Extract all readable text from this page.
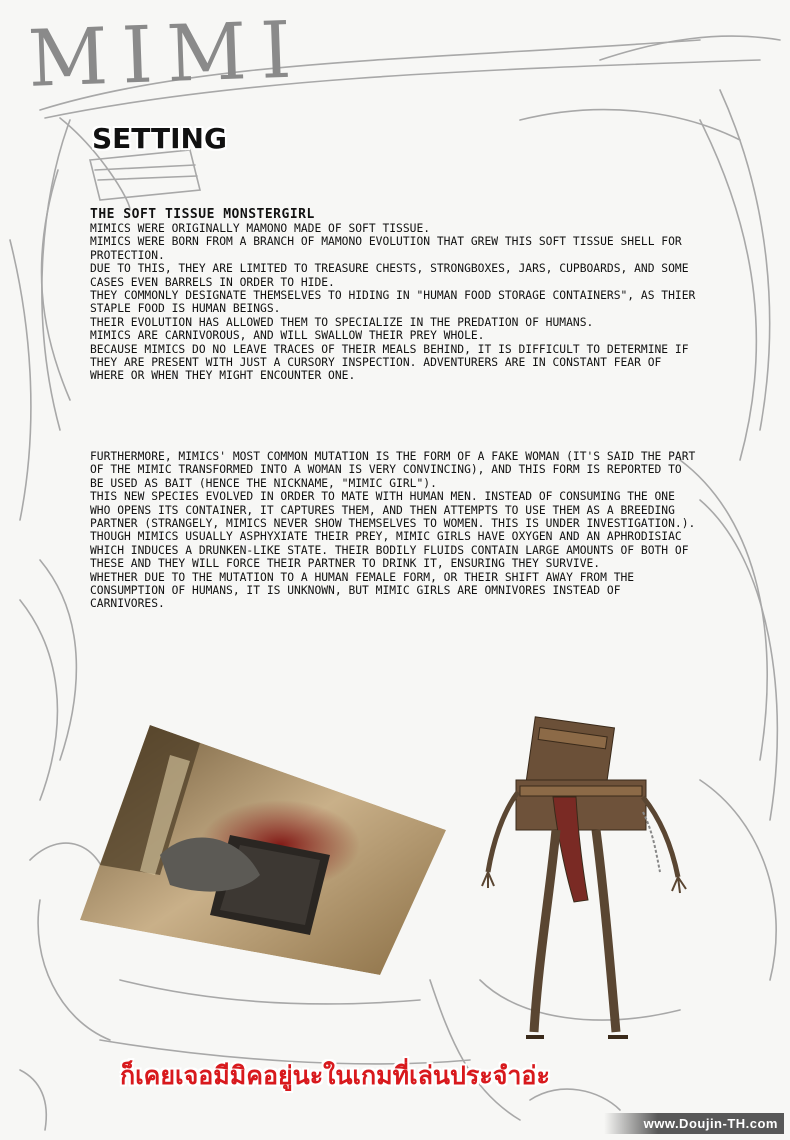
MIMI
SETTING

THE SOFT TISSUE MONSTERGIRL

MIMICS WERE ORIGINALLY MAMONO MADE OF SOFT TISSUE.

MIMICS WERE BORN FROM A BRANCH OF MAMONO EVOLUTION THAT GREW THIS SOFT TISSUE SHELL FOR PROTECTION.

DUE TO THIS, THEY ARE LIMITED TO TREASURE CHESTS, STRONGBOXES, JARS, CUPBOARDS, AND SOME CASES EVEN BARRELS IN ORDER TO HIDE.

THEY COMMONLY DESIGNATE THEMSELVES TO HIDING IN "HUMAN FOOD STORAGE CONTAINERS", AS THIER STAPLE FOOD IS HUMAN BEINGS.

THEIR EVOLUTION HAS ALLOWED THEM TO SPECIALIZE IN THE PREDATION OF HUMANS.

MIMICS ARE CARNIVOROUS, AND WILL SWALLOW THEIR PREY WHOLE.

BECAUSE MIMICS DO NO LEAVE TRACES OF THEIR MEALS BEHIND, IT IS DIFFICULT TO DETERMINE IF THEY ARE PRESENT WITH JUST A CURSORY INSPECTION. ADVENTURERS ARE IN CONSTANT FEAR OF WHERE OR WHEN THEY MIGHT ENCOUNTER ONE.

FURTHERMORE, MIMICS' MOST COMMON MUTATION IS THE FORM OF A FAKE WOMAN (IT'S SAID THE PART OF THE MIMIC TRANSFORMED INTO A WOMAN IS VERY CONVINCING), AND THIS FORM IS REPORTED TO BE USED AS BAIT (HENCE THE NICKNAME, "MIMIC GIRL").

THIS NEW SPECIES EVOLVED IN ORDER TO MATE WITH HUMAN MEN. INSTEAD OF CONSUMING THE ONE WHO OPENS ITS CONTAINER, IT CAPTURES THEM, AND THEN ATTEMPTS TO USE THEM AS A BREEDING PARTNER (STRANGELY, MIMICS NEVER SHOW THEMSELVES TO WOMEN. THIS IS UNDER INVESTIGATION.).

THOUGH MIMICS USUALLY ASPHYXIATE THEIR PREY, MIMIC GIRLS HAVE OXYGEN AND AN APHRODISIAC WHICH INDUCES A DRUNKEN-LIKE STATE. THEIR BODILY FLUIDS CONTAIN LARGE AMOUNTS OF BOTH OF THESE AND THEY WILL FORCE THEIR PARTNER TO DRINK IT, ENSURING THEY SURVIVE.

WHETHER DUE TO THE MUTATION TO A HUMAN FEMALE FORM, OR THEIR SHIFT AWAY FROM THE CONSUMPTION OF HUMANS, IT IS UNKNOWN, BUT MIMIC GIRLS ARE OMNIVORES INSTEAD OF CARNIVORES.

ก็เคยเจอมีมิคอยู่นะในเกมที่เล่นประจำอ่ะ
www.Doujin-TH.com
